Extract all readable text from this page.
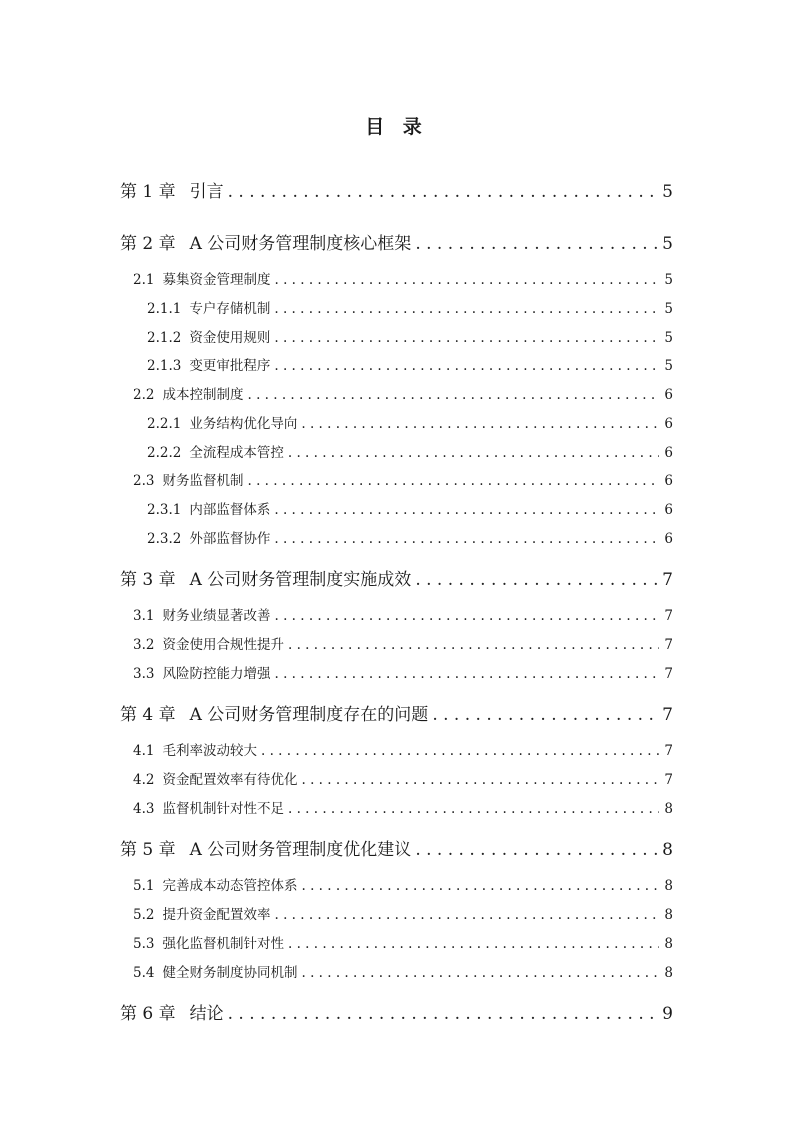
目 录
第 1 章 引言 . . .	5
第 2 章 A 公司财务管理制度核心框架 . . .	5
2.1 募集资金管理制度 . . .	5
2.1.1 专户存储机制 . . .	5
2.1.2 资金使用规则 . . .	5
2.1.3 变更审批程序 . . .	5
2.2 成本控制制度 . . .	6
2.2.1 业务结构优化导向 . . .	6
2.2.2 全流程成本管控 . . .	6
2.3 财务监督机制 . . .	6
2.3.1 内部监督体系 . . .	6
2.3.2 外部监督协作 . . .	6
第 3 章 A 公司财务管理制度实施成效 . . .	7
3.1 财务业绩显著改善 . . .	7
3.2 资金使用合规性提升 . . .	7
3.3 风险防控能力增强 . . .	7
第 4 章 A 公司财务管理制度存在的问题 . . .	7
4.1 毛利率波动较大 . . .	7
4.2 资金配置效率有待优化 . . .	7
4.3 监督机制针对性不足 . . .	8
第 5 章 A 公司财务管理制度优化建议 . . .	8
5.1 完善成本动态管控体系 . . .	8
5.2 提升资金配置效率 . . .	8
5.3 强化监督机制针对性 . . .	8
5.4 健全财务制度协同机制 . . .	8
第 6 章 结论 . . .	9
